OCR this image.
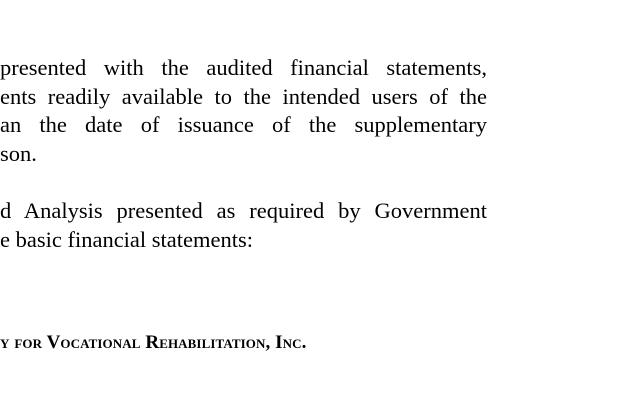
presented with the audited financial statements,
ents readily available to the intended users of the
an the date of issuance of the supplementary
son.
d Analysis presented as required by Government
e basic financial statements:
y for Vocational Rehabilitation, Inc.
